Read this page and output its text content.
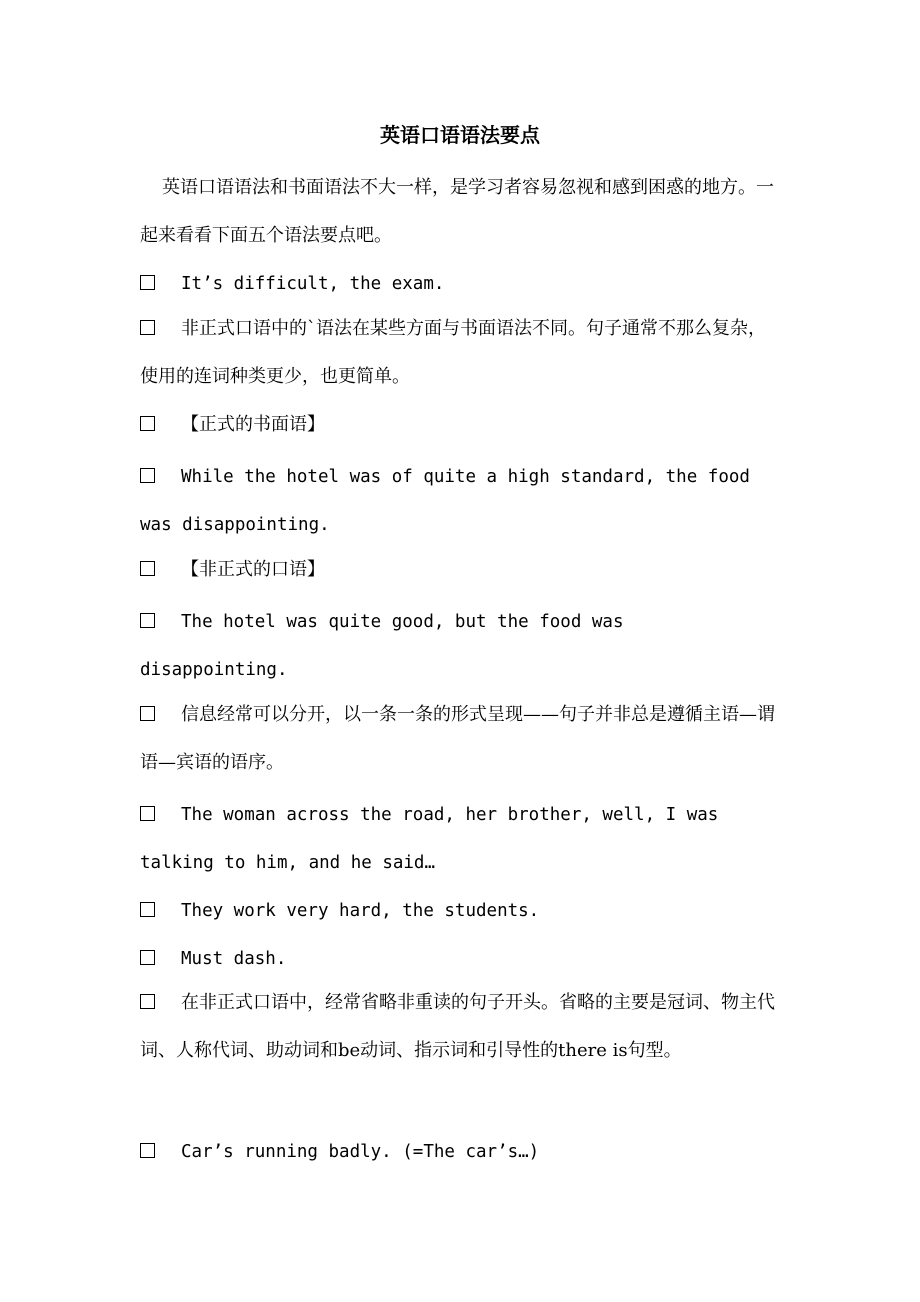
英语口语语法要点

英语口语语法和书面语法不大一样，是学习者容易忽视和感到困惑的地方。一起来看看下面五个语法要点吧。

It’s difficult, the exam.

非正式口语中的`语法在某些方面与书面语法不同。句子通常不那么复杂，使用的连词种类更少，也更简单。

【正式的书面语】

While the hotel was of quite a high standard, the food was disappointing.

【非正式的口语】

The hotel was quite good, but the food was disappointing.

信息经常可以分开，以一条一条的形式呈现——句子并非总是遵循主语—谓语—宾语的语序。

The woman across the road, her brother, well, I was talking to him, and he said…

They work very hard, the students.

Must dash.

在非正式口语中，经常省略非重读的句子开头。省略的主要是冠词、物主代词、人称代词、助动词和be动词、指示词和引导性的there is句型。

Car’s running badly. (=The car’s…)
